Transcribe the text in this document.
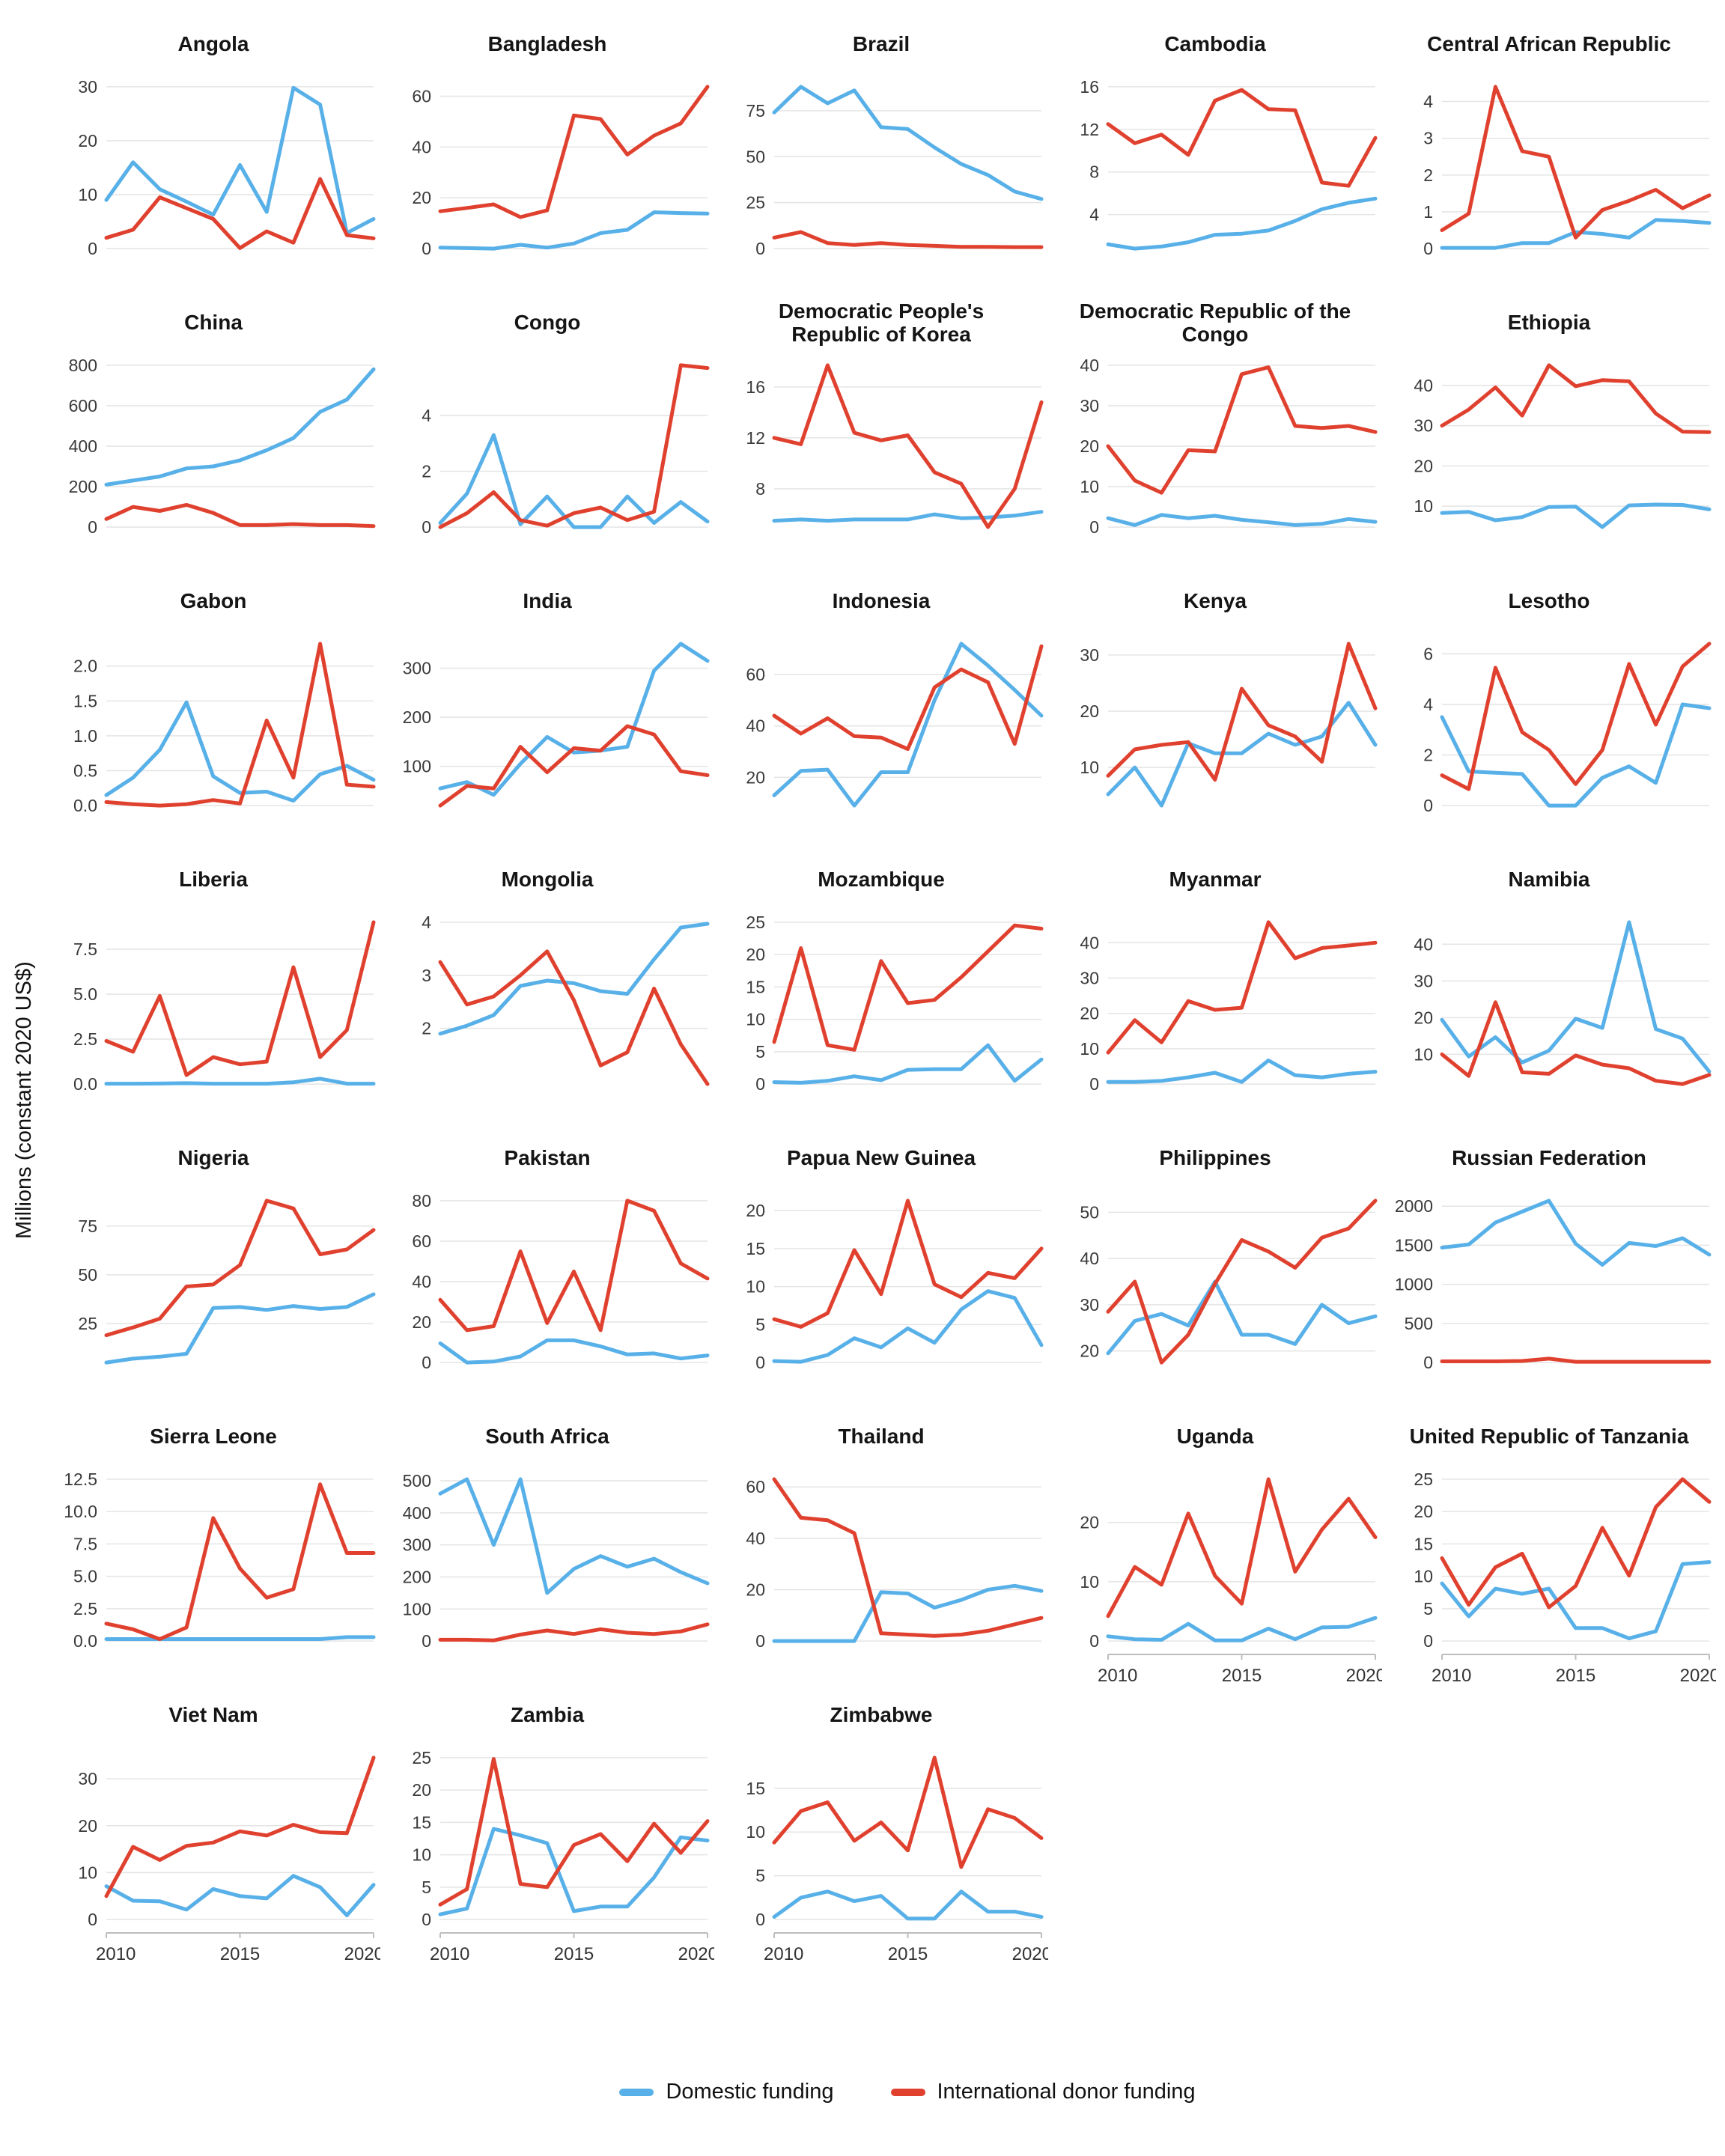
Millions (constant 2020 US$)
Angola
0
10
20
30
Bangladesh
0
20
40
60
Brazil
0
25
50
75
Cambodia
4
8
12
16
Central African Republic
0
1
2
3
4
China
0
200
400
600
800
Congo
0
2
4
Democratic People's Republic of Korea
8
12
16
Democratic Republic of the Congo
0
10
20
30
40
Ethiopia
10
20
30
40
Gabon
0.0
0.5
1.0
1.5
2.0
India
100
200
300
Indonesia
20
40
60
Kenya
10
20
30
Lesotho
0
2
4
6
Liberia
0.0
2.5
5.0
7.5
Mongolia
2
3
4
Mozambique
0
5
10
15
20
25
Myanmar
0
10
20
30
40
Namibia
10
20
30
40
Nigeria
25
50
75
Pakistan
0
20
40
60
80
Papua New Guinea
0
5
10
15
20
Philippines
20
30
40
50
Russian Federation
0
500
1000
1500
2000
Sierra Leone
0.0
2.5
5.0
7.5
10.0
12.5
South Africa
0
100
200
300
400
500
Thailand
0
20
40
60
Uganda
0
10
20
2010	2015	2020
United Republic of Tanzania
0
5
10
15
20
25
2010	2015	2020
Viet Nam
0
10
20
30
2010	2015	2020
Zambia
0
5
10
15
20
25
2010	2015	2020
Zimbabwe
0
5
10
15
2010	2015	2020
Domestic funding	International donor funding
